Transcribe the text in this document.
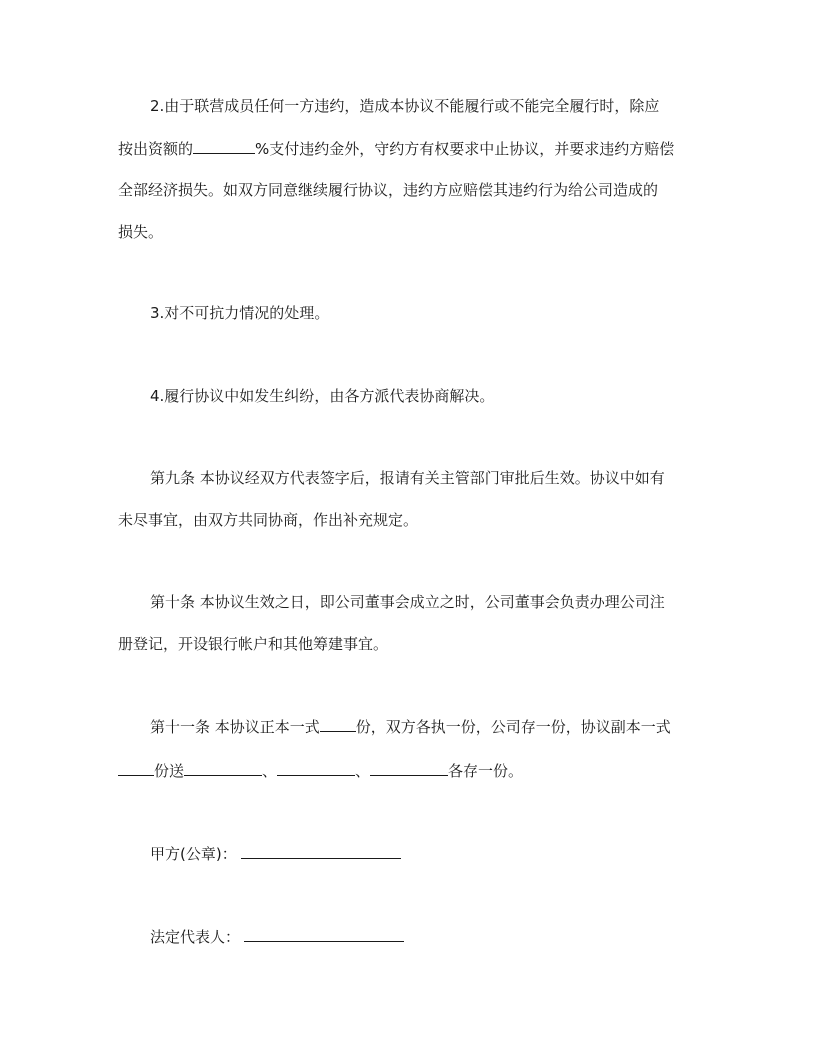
2.由于联营成员任何一方违约，造成本协议不能履行或不能完全履行时，除应
按出资额的	%支付违约金外，守约方有权要求中止协议，并要求违约方赔偿
全部经济损失。如双方同意继续履行协议，违约方应赔偿其违约行为给公司造成的
损失。
3.对不可抗力情况的处理。
4.履行协议中如发生纠纷，由各方派代表协商解决。
第九条 本协议经双方代表签字后，报请有关主管部门审批后生效。协议中如有
未尽事宜，由双方共同协商，作出补充规定。
第十条 本协议生效之日，即公司董事会成立之时，公司董事会负责办理公司注
册登记，开设银行帐户和其他筹建事宜。
第十一条 本协议正本一式 份，双方各执一份，公司存一份，协议副本一式
份送	、	、	各存一份。
甲方(公章)：
法定代表人：
